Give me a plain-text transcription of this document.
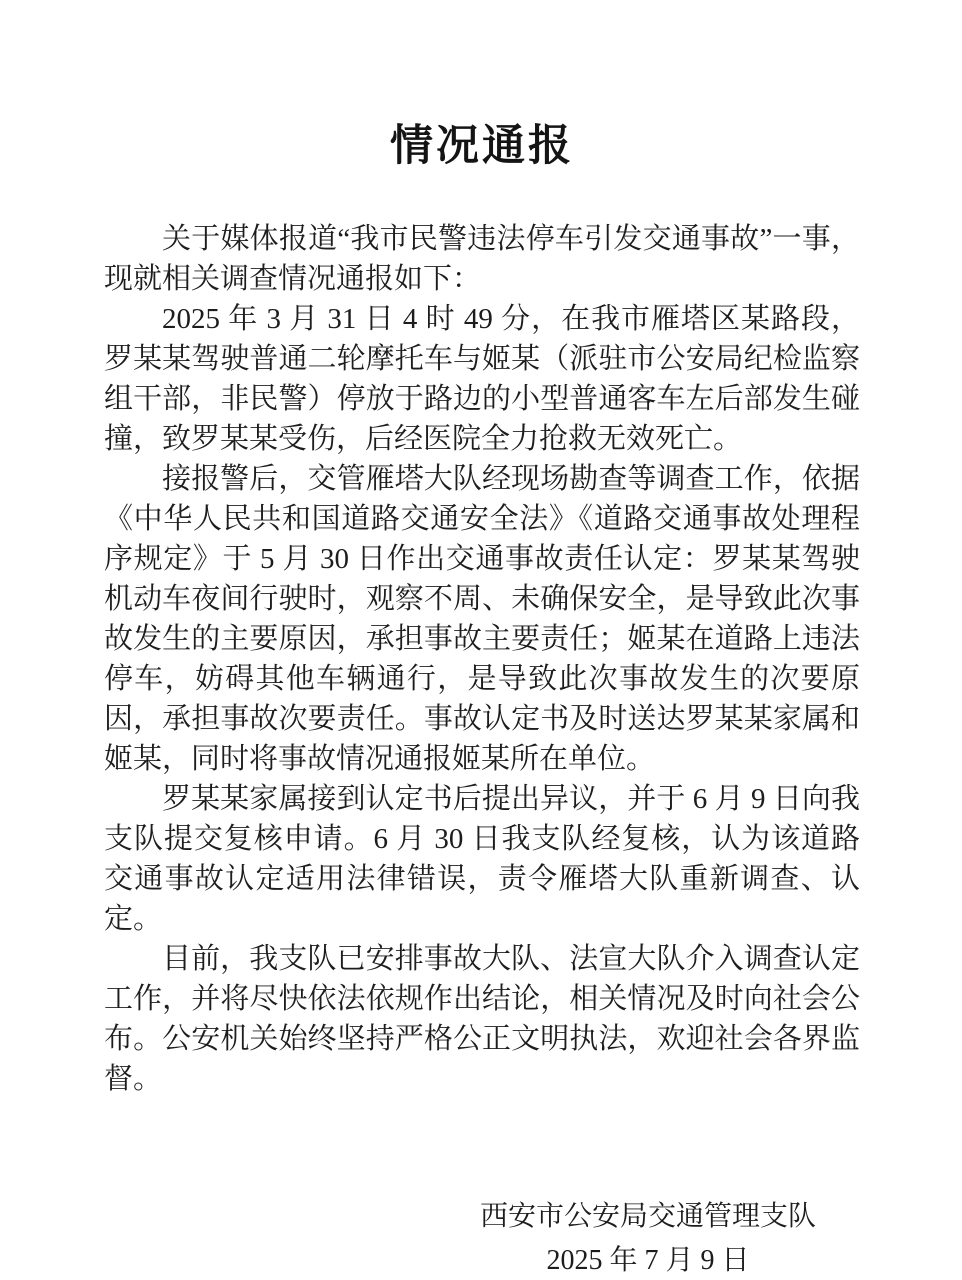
情况通报

关于媒体报道“我市民警违法停车引发交通事故”一事，现就相关调查情况通报如下：

2025 年 3 月 31 日 4 时 49 分，在我市雁塔区某路段，罗某某驾驶普通二轮摩托车与姬某（派驻市公安局纪检监察组干部，非民警）停放于路边的小型普通客车左后部发生碰撞，致罗某某受伤，后经医院全力抢救无效死亡。

接报警后，交管雁塔大队经现场勘查等调查工作，依据《中华人民共和国道路交通安全法》《道路交通事故处理程序规定》于 5 月 30 日作出交通事故责任认定：罗某某驾驶机动车夜间行驶时，观察不周、未确保安全，是导致此次事故发生的主要原因，承担事故主要责任；姬某在道路上违法停车，妨碍其他车辆通行，是导致此次事故发生的次要原因，承担事故次要责任。事故认定书及时送达罗某某家属和姬某，同时将事故情况通报姬某所在单位。

罗某某家属接到认定书后提出异议，并于 6 月 9 日向我支队提交复核申请。6 月 30 日我支队经复核，认为该道路交通事故认定适用法律错误，责令雁塔大队重新调查、认定。

目前，我支队已安排事故大队、法宣大队介入调查认定工作，并将尽快依法依规作出结论，相关情况及时向社会公布。公安机关始终坚持严格公正文明执法，欢迎社会各界监督。

西安市公安局交通管理支队
2025 年 7 月 9 日
